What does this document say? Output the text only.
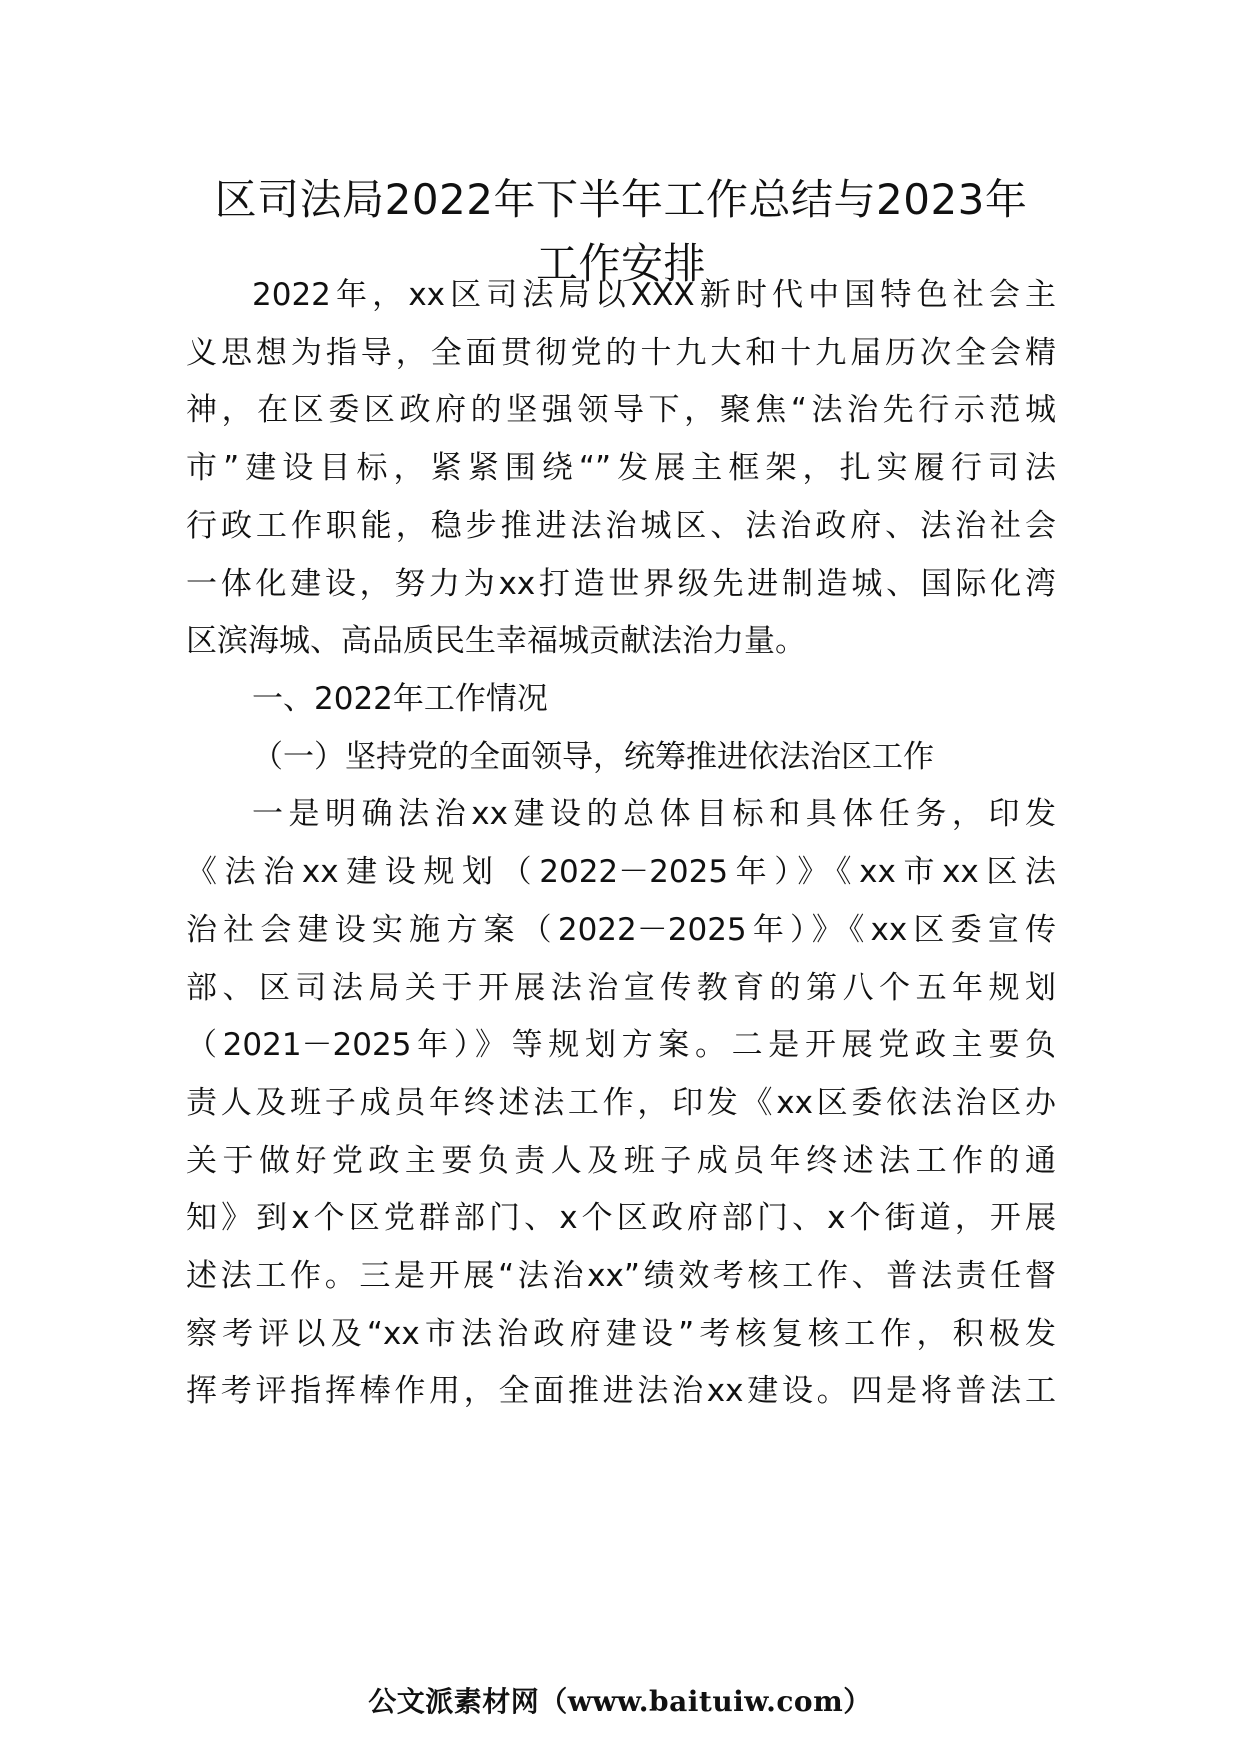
区司法局2022年下半年工作总结与2023年
工作安排
2022年，xx区司法局以XXX新时代中国特色社会主
义思想为指导，全面贯彻党的十九大和十九届历次全会精
神，在区委区政府的坚强领导下，聚焦“法治先行示范城
市”建设目标，紧紧围绕“”发展主框架，扎实履行司法
行政工作职能，稳步推进法治城区、法治政府、法治社会
一体化建设，努力为xx打造世界级先进制造城、国际化湾
区滨海城、高品质民生幸福城贡献法治力量。
一、2022年工作情况
（一）坚持党的全面领导，统筹推进依法治区工作
一是明确法治xx建设的总体目标和具体任务，印发
《法治xx建设规划（2022－2025年）》《xx市xx区法
治社会建设实施方案（2022－2025年）》《xx区委宣传
部、区司法局关于开展法治宣传教育的第八个五年规划
（2021－2025年）》等规划方案。二是开展党政主要负
责人及班子成员年终述法工作，印发《xx区委依法治区办
关于做好党政主要负责人及班子成员年终述法工作的通
知》到x个区党群部门、x个区政府部门、x个街道，开展
述法工作。三是开展“法治xx”绩效考核工作、普法责任督
察考评以及“xx市法治政府建设”考核复核工作，积极发
挥考评指挥棒作用，全面推进法治xx建设。四是将普法工
公文派素材网（www.baituiw.com）
